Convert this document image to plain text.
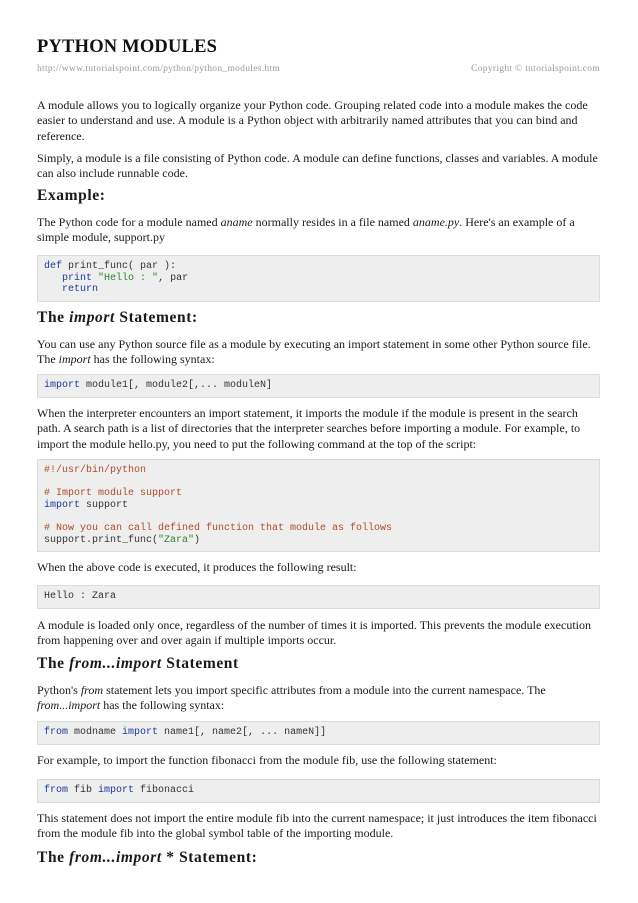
PYTHON MODULES
http://www.tutorialspoint.com/python/python_modules.htm	Copyright © tutorialspoint.com

A module allows you to logically organize your Python code. Grouping related code into a module makes the code easier to understand and use. A module is a Python object with arbitrarily named attributes that you can bind and reference.

Simply, a module is a file consisting of Python code. A module can define functions, classes and variables. A module can also include runnable code.

Example:

The Python code for a module named aname normally resides in a file named aname.py. Here's an example of a simple module, support.py

def print_func( par ):
print "Hello : ", par
return
The import Statement:

You can use any Python source file as a module by executing an import statement in some other Python source file. The import has the following syntax:

import module1[, module2[,... moduleN]

When the interpreter encounters an import statement, it imports the module if the module is present in the search path. A search path is a list of directories that the interpreter searches before importing a module. For example, to import the module hello.py, you need to put the following command at the top of the script:

#!/usr/bin/python

# Import module support
import support

# Now you can call defined function that module as follows
support.print_func("Zara")

When the above code is executed, it produces the following result:

Hello : Zara

A module is loaded only once, regardless of the number of times it is imported. This prevents the module execution from happening over and over again if multiple imports occur.

The from...import Statement

Python's from statement lets you import specific attributes from a module into the current namespace. The from...import has the following syntax:

from modname import name1[, name2[, ... nameN]]

For example, to import the function fibonacci from the module fib, use the following statement:

from fib import fibonacci

This statement does not import the entire module fib into the current namespace; it just introduces the item fibonacci from the module fib into the global symbol table of the importing module.

The from...import * Statement:
